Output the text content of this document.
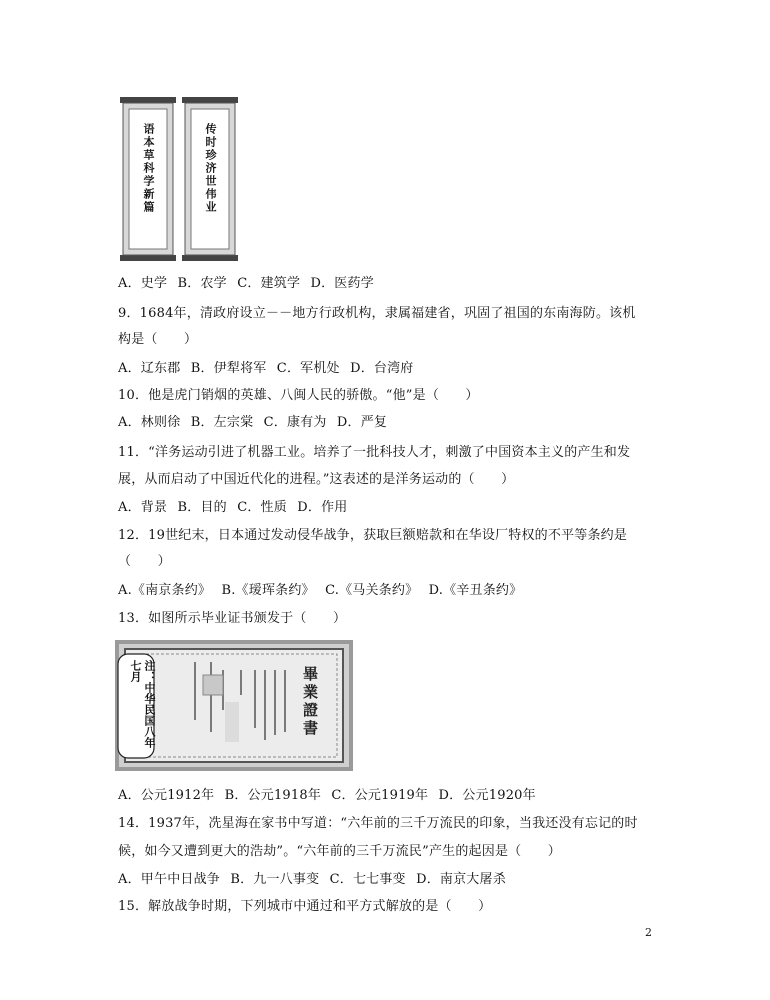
语本草科学新篇	传时珍济世伟业
A．史学 B．农学 C．建筑学 D．医药学
9．1684年，清政府设立－－地方行政机构，隶属福建省，巩固了祖国的东南海防。该机
构是（　　）
A．辽东郡 B．伊犁将军 C．军机处 D．台湾府
10．他是虎门销烟的英雄、八闽人民的骄傲。“他”是（　　）
A．林则徐 B．左宗棠 C．康有为 D．严复
11．“洋务运动引进了机器工业。培养了一批科技人才，刺激了中国资本主义的产生和发
展，从而启动了中国近代化的进程。”这表述的是洋务运动的（　　）
A．背景 B．目的 C．性质 D．作用
12．19世纪末，日本通过发动侵华战争，获取巨额赔款和在华设厂特权的不平等条约是
（　　）
A.《南京条约》 B.《瑷珲条约》 C.《马关条约》 D.《辛丑条约》
13．如图所示毕业证书颁发于（　　）
注：中华民国八年七月	畢業證書
A．公元1912年 B．公元1918年 C．公元1919年 D．公元1920年
14．1937年，冼星海在家书中写道：“六年前的三千万流民的印象，当我还没有忘记的时
候，如今又遭到更大的浩劫”。“六年前的三千万流民”产生的起因是（　　）
A．甲午中日战争 B．九一八事变 C．七七事变 D．南京大屠杀
15．解放战争时期，下列城市中通过和平方式解放的是（　　）
2
